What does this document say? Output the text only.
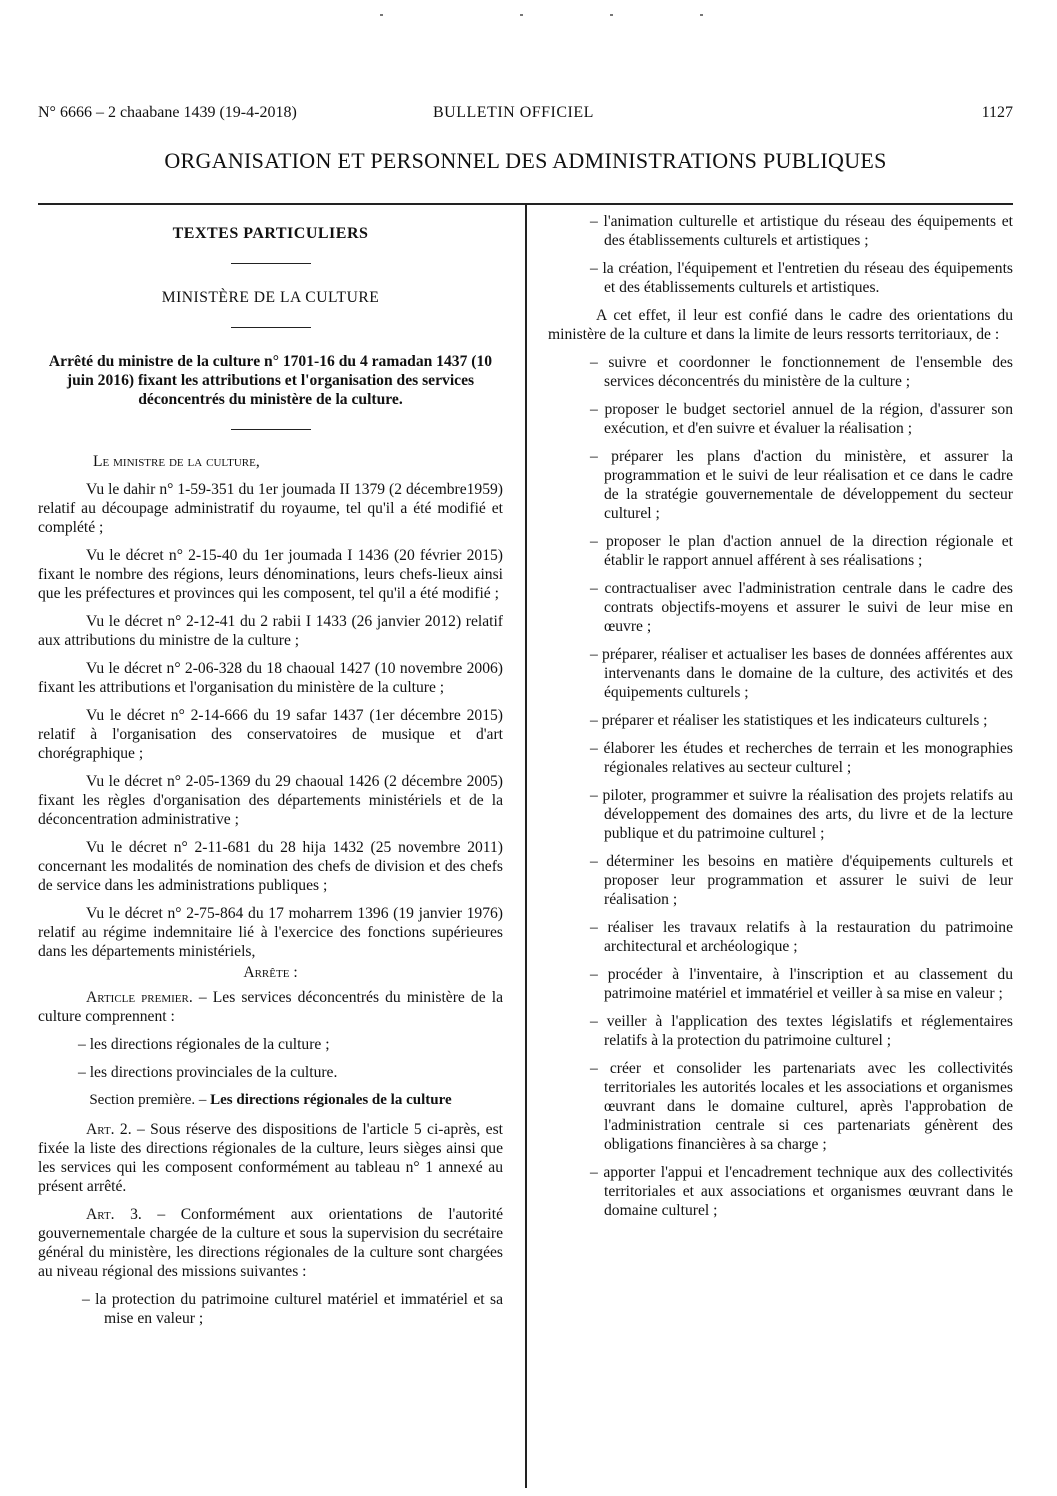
N° 6666 – 2 chaabane 1439 (19-4-2018)	BULLETIN OFFICIEL	1127
ORGANISATION ET PERSONNEL DES ADMINISTRATIONS PUBLIQUES

TEXTES PARTICULIERS

MINISTÈRE DE LA CULTURE

Arrêté du ministre de la culture n° 1701-16 du 4 ramadan 1437 (10 juin 2016) fixant les attributions et l'organisation des services déconcentrés du ministère de la culture.

Le ministre de la culture,

Vu le dahir n° 1-59-351 du 1er joumada II 1379 (2 décembre1959) relatif au découpage administratif du royaume, tel qu'il a été modifié et complété ;

Vu le décret n° 2-15-40 du 1er joumada I 1436 (20 février 2015) fixant le nombre des régions, leurs dénominations, leurs chefs-lieux ainsi que les préfectures et provinces qui les composent, tel qu'il a été modifié ;

Vu le décret n° 2-12-41 du 2 rabii I 1433 (26 janvier 2012) relatif aux attributions du ministre de la culture ;

Vu le décret n° 2-06-328 du 18 chaoual 1427 (10 novembre 2006) fixant les attributions et l'organisation du ministère de la culture ;

Vu le décret n° 2-14-666 du 19 safar 1437 (1er décembre 2015) relatif à l'organisation des conservatoires de musique et d'art chorégraphique ;

Vu le décret n° 2-05-1369 du 29 chaoual 1426 (2 décembre 2005) fixant les règles d'organisation des départements ministériels et de la déconcentration administrative ;

Vu le décret n° 2-11-681 du 28 hija 1432 (25 novembre 2011) concernant les modalités de nomination des chefs de division et des chefs de service dans les administrations publiques ;

Vu le décret n° 2-75-864 du 17 moharrem 1396 (19 janvier 1976) relatif au régime indemnitaire lié à l'exercice des fonctions supérieures dans les départements ministériels,

Arrête :

Article premier. – Les services déconcentrés du ministère de la culture comprennent :

– les directions régionales de la culture ;

– les directions provinciales de la culture.

Section première. – Les directions régionales de la culture

Art. 2. – Sous réserve des dispositions de l'article 5 ci-après, est fixée la liste des directions régionales de la culture, leurs sièges ainsi que les services qui les composent conformément au tableau n° 1 annexé au présent arrêté.

Art. 3. – Conformément aux orientations de l'autorité gouvernementale chargée de la culture et sous la supervision du secrétaire général du ministère, les directions régionales de la culture sont chargées au niveau régional des missions suivantes :

– la protection du patrimoine culturel matériel et immatériel et sa mise en valeur ;

– l'animation culturelle et artistique du réseau des équipements et des établissements culturels et artistiques ;

– la création, l'équipement et l'entretien du réseau des équipements et des établissements culturels et artistiques.

A cet effet, il leur est confié dans le cadre des orientations du ministère de la culture et dans la limite de leurs ressorts territoriaux, de :

– suivre et coordonner le fonctionnement de l'ensemble des services déconcentrés du ministère de la culture ;

– proposer le budget sectoriel annuel de la région, d'assurer son exécution, et d'en suivre et évaluer la réalisation ;

– préparer les plans d'action du ministère, et assurer la programmation et le suivi de leur réalisation et ce dans le cadre de la stratégie gouvernementale de développement du secteur culturel ;

– proposer le plan d'action annuel de la direction régionale et établir le rapport annuel afférent à ses réalisations ;

– contractualiser avec l'administration centrale dans le cadre des contrats objectifs-moyens et assurer le suivi de leur mise en œuvre ;

– préparer, réaliser et actualiser les bases de données afférentes aux intervenants dans le domaine de la culture, des activités et des équipements culturels ;

– préparer et réaliser les statistiques et les indicateurs culturels ;

– élaborer les études et recherches de terrain et les monographies régionales relatives au secteur culturel ;

– piloter, programmer et suivre la réalisation des projets relatifs au développement des domaines des arts, du livre et de la lecture publique et du patrimoine culturel ;

– déterminer les besoins en matière d'équipements culturels et proposer leur programmation et assurer le suivi de leur réalisation ;

– réaliser les travaux relatifs à la restauration du patrimoine architectural et archéologique ;

– procéder à l'inventaire, à l'inscription et au classement du patrimoine matériel et immatériel et veiller à sa mise en valeur ;

– veiller à l'application des textes législatifs et réglementaires relatifs à la protection du patrimoine culturel ;

– créer et consolider les partenariats avec les collectivités territoriales les autorités locales et les associations et organismes œuvrant dans le domaine culturel, après l'approbation de l'administration centrale si ces partenariats génèrent des obligations financières à sa charge ;

– apporter l'appui et l'encadrement technique aux des collectivités territoriales et aux associations et organismes œuvrant dans le domaine culturel ;
